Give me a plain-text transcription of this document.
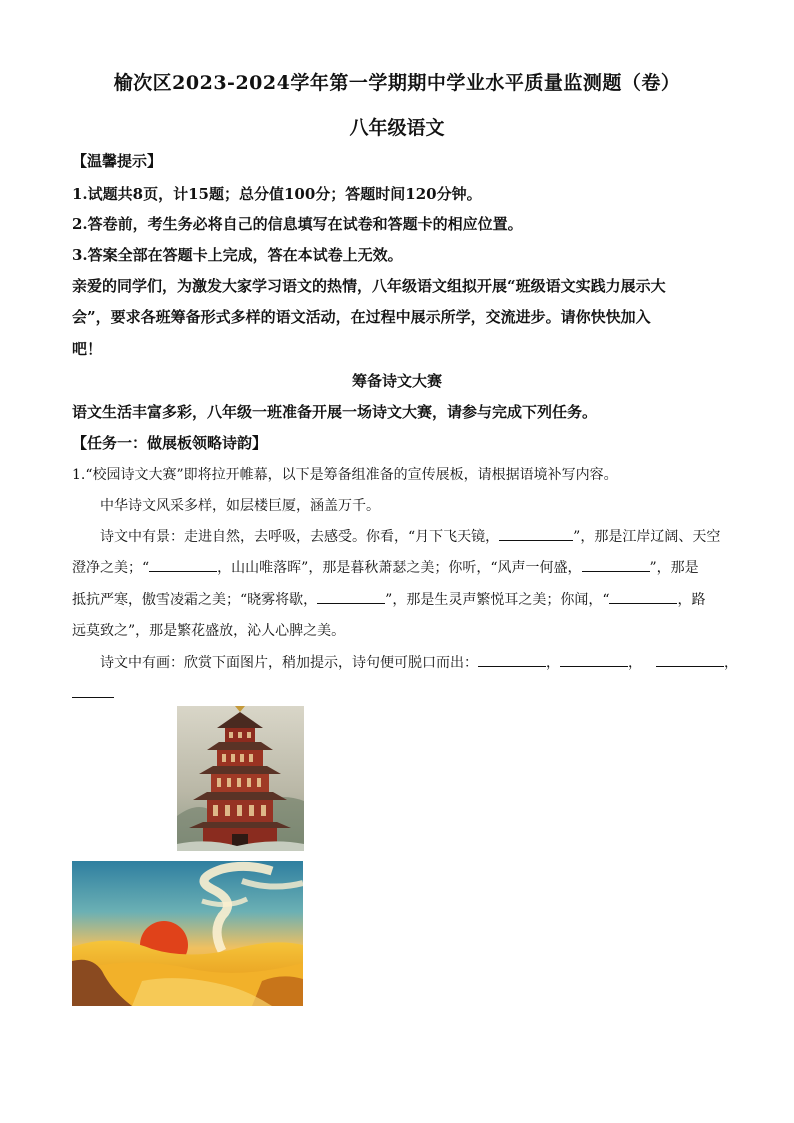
榆次区2023-2024学年第一学期期中学业水平质量监测题（卷）
八年级语文
【温馨提示】
1.试题共8页，计15题；总分值100分；答题时间120分钟。
2.答卷前，考生务必将自己的信息填写在试卷和答题卡的相应位置。
3.答案全部在答题卡上完成，答在本试卷上无效。
亲爱的同学们，为激发大家学习语文的热情，八年级语文组拟开展“班级语文实践力展示大
会”，要求各班筹备形式多样的语文活动，在过程中展示所学，交流进步。请你快快加入
吧！
筹备诗文大赛
语文生活丰富多彩，八年级一班准备开展一场诗文大赛，请参与完成下列任务。
【任务一：做展板领略诗韵】
1.“校园诗文大赛”即将拉开帷幕，以下是筹备组准备的宣传展板，请根据语境补写内容。
中华诗文风采多样，如层楼巨厦，涵盖万千。
诗文中有景：走进自然，去呼吸，去感受。你看，“月下飞天镜，	”，那是江岸辽阔、天空
澄净之美；“	，山山唯落晖”，那是暮秋萧瑟之美；你听，“风声一何盛，	”，那是
抵抗严寒，傲雪凌霜之美；“晓雾将歇，	”，那是生灵声繁悦耳之美；你闻，“	，路
远莫致之”，那是繁花盛放，沁人心脾之美。
诗文中有画：欣赏下面图片，稍加提示，诗句便可脱口而出：	，	，	，
